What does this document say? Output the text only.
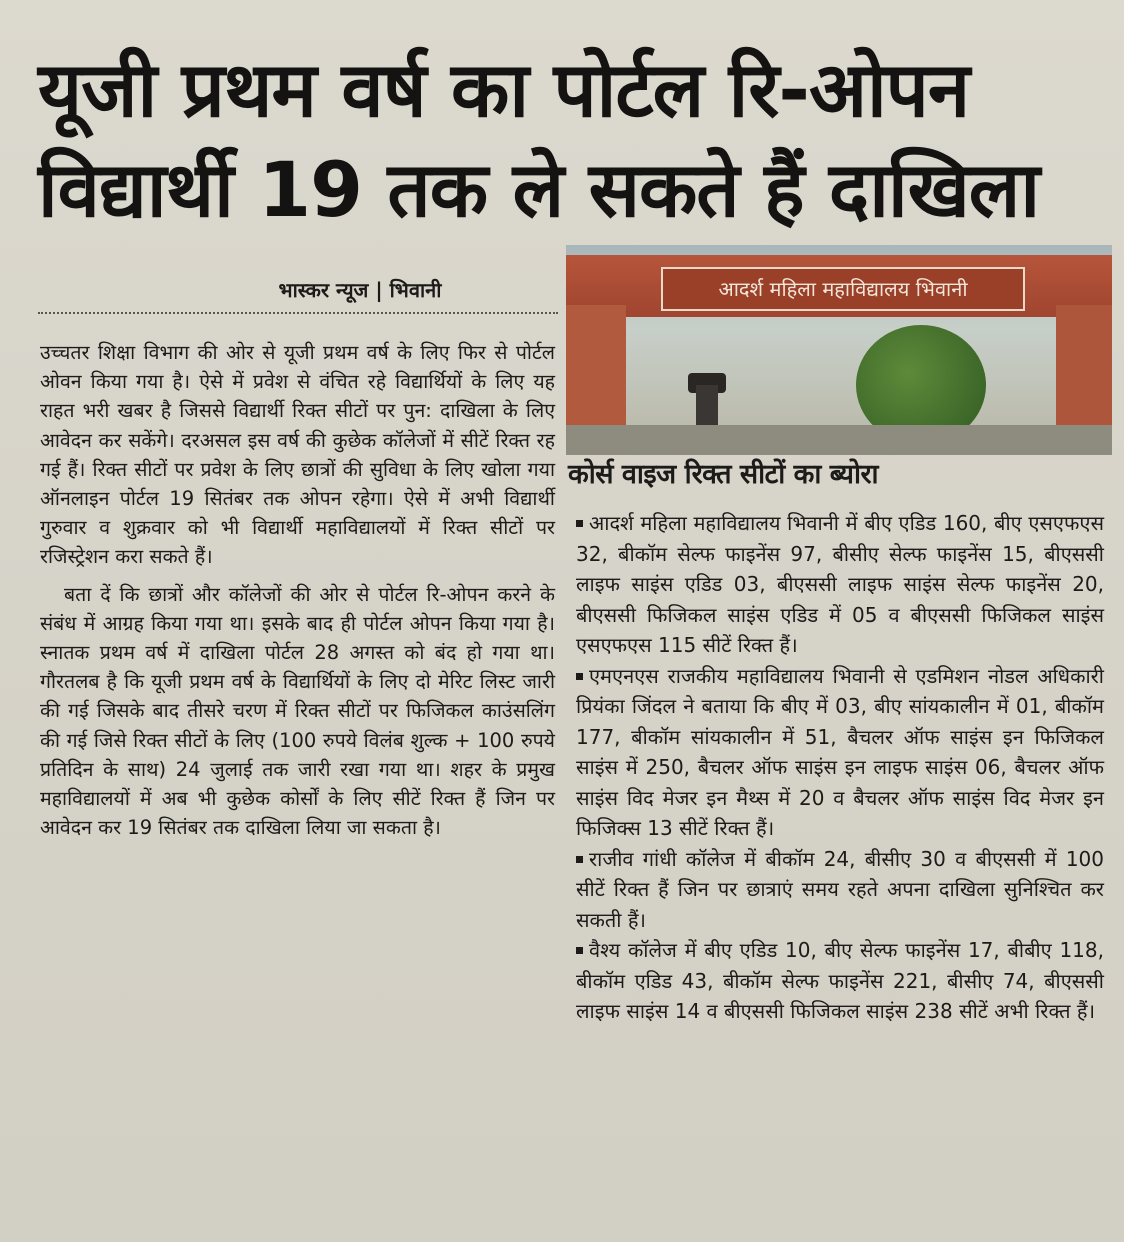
यूजी प्रथम वर्ष का पोर्टल रि-ओपन
विद्यार्थी 19 तक ले सकते हैं दाखिला
भास्कर न्यूज | भिवानी

उच्चतर शिक्षा विभाग की ओर से यूजी प्रथम वर्ष के लिए फिर से पोर्टल ओवन किया गया है। ऐसे में प्रवेश से वंचित रहे विद्यार्थियों के लिए यह राहत भरी खबर है जिससे विद्यार्थी रिक्त सीटों पर पुन: दाखिला के लिए आवेदन कर सकेंगे। दरअसल इस वर्ष की कुछेक कॉलेजों में सीटें रिक्त रह गई हैं। रिक्त सीटों पर प्रवेश के लिए छात्रों की सुविधा के लिए खोला गया ऑनलाइन पोर्टल 19 सितंबर तक ओपन रहेगा। ऐसे में अभी विद्यार्थी गुरुवार व शुक्रवार को भी विद्यार्थी महाविद्यालयों में रिक्त सीटों पर रजिस्ट्रेशन करा सकते हैं।

बता दें कि छात्रों और कॉलेजों की ओर से पोर्टल रि-ओपन करने के संबंध में आग्रह किया गया था। इसके बाद ही पोर्टल ओपन किया गया है। स्नातक प्रथम वर्ष में दाखिला पोर्टल 28 अगस्त को बंद हो गया था। गौरतलब है कि यूजी प्रथम वर्ष के विद्यार्थियों के लिए दो मेरिट लिस्ट जारी की गई जिसके बाद तीसरे चरण में रिक्त सीटों पर फिजिकल काउंसलिंग की गई जिसे रिक्त सीटों के लिए (100 रुपये विलंब शुल्क + 100 रुपये प्रतिदिन के साथ) 24 जुलाई तक जारी रखा गया था। शहर के प्रमुख महाविद्यालयों में अब भी कुछेक कोर्सों के लिए सीटें रिक्त हैं जिन पर आवेदन कर 19 सितंबर तक दाखिला लिया जा सकता है।

आदर्श महिला महाविद्यालय भिवानी
कोर्स वाइज रिक्त सीटों का ब्योरा

आदर्श महिला महाविद्यालय भिवानी में बीए एडिड 160, बीए एसएफएस 32, बीकॉम सेल्फ फाइनेंस 97, बीसीए सेल्फ फाइनेंस 15, बीएससी लाइफ साइंस एडिड 03, बीएससी लाइफ साइंस सेल्फ फाइनेंस 20, बीएससी फिजिकल साइंस एडिड में 05 व बीएससी फिजिकल साइंस एसएफएस 115 सीटें रिक्त हैं।

एमएनएस राजकीय महाविद्यालय भिवानी से एडमिशन नोडल अधिकारी प्रियंका जिंदल ने बताया कि बीए में 03, बीए सांयकालीन में 01, बीकॉम 177, बीकॉम सांयकालीन में 51, बैचलर ऑफ साइंस इन फिजिकल साइंस में 250, बैचलर ऑफ साइंस इन लाइफ साइंस 06, बैचलर ऑफ साइंस विद मेजर इन मैथ्स में 20 व बैचलर ऑफ साइंस विद मेजर इन फिजिक्स 13 सीटें रिक्त हैं।

राजीव गांधी कॉलेज में बीकॉम 24, बीसीए 30 व बीएससी में 100 सीटें रिक्त हैं जिन पर छात्राएं समय रहते अपना दाखिला सुनिश्चित कर सकती हैं।

वैश्य कॉलेज में बीए एडिड 10, बीए सेल्फ फाइनेंस 17, बीबीए 118, बीकॉम एडिड 43, बीकॉम सेल्फ फाइनेंस 221, बीसीए 74, बीएससी लाइफ साइंस 14 व बीएससी फिजिकल साइंस 238 सीटें अभी रिक्त हैं।
